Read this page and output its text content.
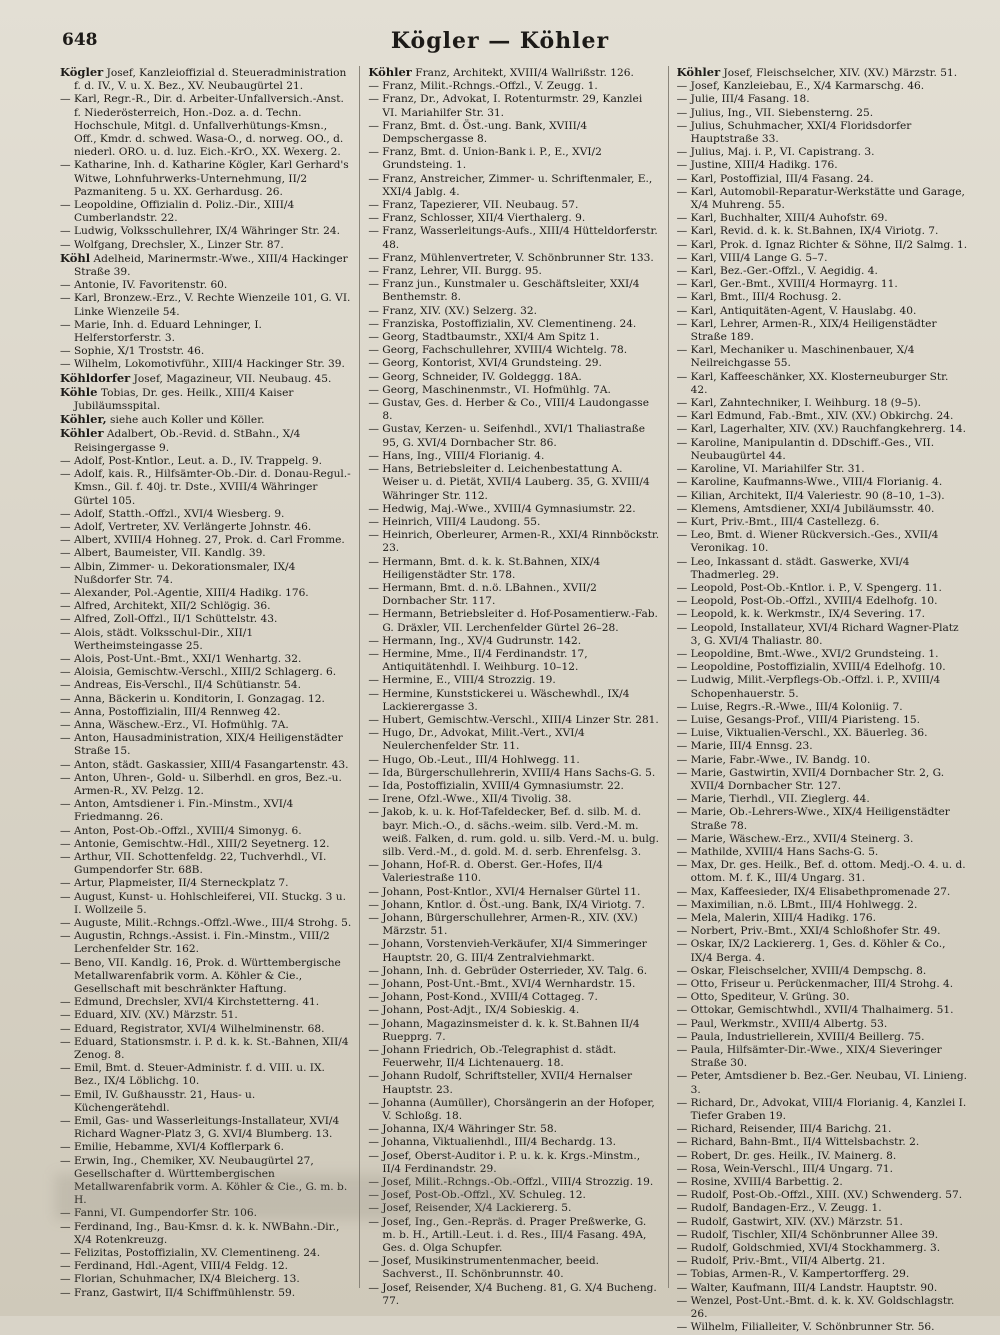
648	Kögler — Köhler

Kögler Josef, Kanzleioffizial d. Steueradministration f. d. IV., V. u. X. Bez., XV. Neubaugürtel 21.

— Karl, Regr.-R., Dir. d. Arbeiter-Unfallversich.-Anst. f. Niederösterreich, Hon.-Doz. a. d. Techn. Hochschule, Mitgl. d. Unfallverhütungs-Kmsn., Off., Kmdr. d. schwed. Wasa-O., d. norweg. OO., d. niederl. ORO. u. d. luz. Eich.-KrO., XX. Wexerg. 2.

— Katharine, Inh. d. Katharine Kögler, Karl Gerhard's Witwe, Lohnfuhrwerks-Unternehmung, II/2 Pazmaniteng. 5 u. XX. Gerhardusg. 26.

— Leopoldine, Offizialin d. Poliz.-Dir., XIII/4 Cumberlandstr. 22.

— Ludwig, Volksschullehrer, IX/4 Währinger Str. 24.

— Wolfgang, Drechsler, X., Linzer Str. 87.

Köhl Adelheid, Marinermstr.-Wwe., XIII/4 Hackinger Straße 39.

— Antonie, IV. Favoritenstr. 60.

— Karl, Bronzew.-Erz., V. Rechte Wienzeile 101, G. VI. Linke Wienzeile 54.

— Marie, Inh. d. Eduard Lehninger, I. Helferstorferstr. 3.

— Sophie, X/1 Troststr. 46.

— Wilhelm, Lokomotivführ., XIII/4 Hackinger Str. 39.

Köhldorfer Josef, Magazineur, VII. Neubaug. 45.

Köhle Tobias, Dr. ges. Heilk., XIII/4 Kaiser Jubiläumsspital.

Köhler, siehe auch Koller und Köller.

Köhler Adalbert, Ob.-Revid. d. StBahn., X/4 Reisingergasse 9.

— Adolf, Post-Kntlor., Leut. a. D., IV. Trappelg. 9.

— Adolf, kais. R., Hilfsämter-Ob.-Dir. d. Donau-Regul.-Kmsn., Gil. f. 40j. tr. Dste., XVIII/4 Währinger Gürtel 105.

— Adolf, Statth.-Offzl., XVI/4 Wiesberg. 9.

— Adolf, Vertreter, XV. Verlängerte Johnstr. 46.

— Albert, XVIII/4 Hohneg. 27, Prok. d. Carl Fromme.

— Albert, Baumeister, VII. Kandlg. 39.

— Albin, Zimmer- u. Dekorationsmaler, IX/4 Nußdorfer Str. 74.

— Alexander, Pol.-Agentie, XIII/4 Hadikg. 176.

— Alfred, Architekt, XII/2 Schlögig. 36.

— Alfred, Zoll-Offzl., II/1 Schüttelstr. 43.

— Alois, städt. Volksschul-Dir., XII/1 Wertheimsteingasse 25.

— Alois, Post-Unt.-Bmt., XXI/1 Wenhartg. 32.

— Aloisia, Gemischtw.-Verschl., XIII/2 Schlagerg. 6.

— Andreas, Eis-Verschl., II/4 Schütianstr. 54.

— Anna, Bäckerin u. Konditorin, I. Gonzagag. 12.

— Anna, Postoffizialin, III/4 Rennweg 42.

— Anna, Wäschew.-Erz., VI. Hofmühlg. 7A.

— Anton, Hausadministration, XIX/4 Heiligenstädter Straße 15.

— Anton, städt. Gaskassier, XIII/4 Fasangartenstr. 43.

— Anton, Uhren-, Gold- u. Silberhdl. en gros, Bez.-u. Armen-R., XV. Pelzg. 12.

— Anton, Amtsdiener i. Fin.-Minstm., XVI/4 Friedmanng. 26.

— Anton, Post-Ob.-Offzl., XVIII/4 Simonyg. 6.

— Antonie, Gemischtw.-Hdl., XIII/2 Seyetnerg. 12.

— Arthur, VII. Schottenfeldg. 22, Tuchverhdl., VI. Gumpendorfer Str. 68B.

— Artur, Plapmeister, II/4 Sterneckplatz 7.

— August, Kunst- u. Hohlschleiferei, VII. Stuckg. 3 u. I. Wollzeile 5.

— Auguste, Milit.-Rchngs.-Offzl.-Wwe., III/4 Strohg. 5.

— Augustin, Rchngs.-Assist. i. Fin.-Minstm., VIII/2 Lerchenfelder Str. 162.

— Beno, VII. Kandlg. 16, Prok. d. Württembergische Metallwarenfabrik vorm. A. Köhler & Cie., Gesellschaft mit beschränkter Haftung.

— Edmund, Drechsler, XVI/4 Kirchstetterng. 41.

— Eduard, XIV. (XV.) Märzstr. 51.

— Eduard, Registrator, XVI/4 Wilhelminenstr. 68.

— Eduard, Stationsmstr. i. P. d. k. k. St.-Bahnen, XII/4 Zenog. 8.

— Emil, Bmt. d. Steuer-Administr. f. d. VIII. u. IX. Bez., IX/4 Löblichg. 10.

— Emil, IV. Gußhausstr. 21, Haus- u. Küchengerätehdl.

— Emil, Gas- und Wasserleitungs-Installateur, XVI/4 Richard Wagner-Platz 3, G. XVI/4 Blumberg. 13.

— Emilie, Hebamme, XVI/4 Kofflerpark 6.

— Erwin, Ing., Chemiker, XV. Neubaugürtel 27, Gesellschafter d. Württembergischen Metallwarenfabrik vorm. A. Köhler & Cie., G. m. b. H.

— Fanni, VI. Gumpendorfer Str. 106.

— Ferdinand, Ing., Bau-Kmsr. d. k. k. NWBahn.-Dir., X/4 Rotenkreuzg.

— Felizitas, Postoffizialin, XV. Clementineng. 24.

— Ferdinand, Hdl.-Agent, VIII/4 Feldg. 12.

— Florian, Schuhmacher, IX/4 Bleicherg. 13.

— Franz, Gastwirt, II/4 Schiffmühlenstr. 59.

Köhler Franz, Architekt, XVIII/4 Wallrißstr. 126.

— Franz, Milit.-Rchngs.-Offzl., V. Zeugg. 1.

— Franz, Dr., Advokat, I. Rotenturmstr. 29, Kanzlei VI. Mariahilfer Str. 31.

— Franz, Bmt. d. Öst.-ung. Bank, XVIII/4 Dempschergasse 8.

— Franz, Bmt. d. Union-Bank i. P., E., XVI/2 Grundsteing. 1.

— Franz, Anstreicher, Zimmer- u. Schriftenmaler, E., XXI/4 Jablg. 4.

— Franz, Tapezierer, VII. Neubaug. 57.

— Franz, Schlosser, XII/4 Vierthalerg. 9.

— Franz, Wasserleitungs-Aufs., XIII/4 Hütteldorferstr. 48.

— Franz, Mühlenvertreter, V. Schönbrunner Str. 133.

— Franz, Lehrer, VII. Burgg. 95.

— Franz jun., Kunstmaler u. Geschäftsleiter, XXI/4 Benthemstr. 8.

— Franz, XIV. (XV.) Selzerg. 32.

— Franziska, Postoffizialin, XV. Clementineng. 24.

— Georg, Stadtbaumstr., XXI/4 Am Spitz 1.

— Georg, Fachschullehrer, XVIII/4 Wichtelg. 78.

— Georg, Kontorist, XVI/4 Grundsteing. 29.

— Georg, Schneider, IV. Goldeggg. 18A.

— Georg, Maschinenmstr., VI. Hofmühlg. 7A.

— Gustav, Ges. d. Herber & Co., VIII/4 Laudongasse 8.

— Gustav, Kerzen- u. Seifenhdl., XVI/1 Thaliastraße 95, G. XVI/4 Dornbacher Str. 86.

— Hans, Ing., VIII/4 Florianig. 4.

— Hans, Betriebsleiter d. Leichenbestattung A. Weiser u. d. Pietät, XVII/4 Lauberg. 35, G. XVIII/4 Währinger Str. 112.

— Hedwig, Maj.-Wwe., XVIII/4 Gymnasiumstr. 22.

— Heinrich, VIII/4 Laudong. 55.

— Heinrich, Oberleurer, Armen-R., XXI/4 Rinnböckstr. 23.

— Hermann, Bmt. d. k. k. St.Bahnen, XIX/4 Heiligenstädter Str. 178.

— Hermann, Bmt. d. n.ö. LBahnen., XVII/2 Dornbacher Str. 117.

— Hermann, Betriebsleiter d. Hof-Posamentierw.-Fab. G. Dräxler, VII. Lerchenfelder Gürtel 26–28.

— Hermann, Ing., XV/4 Gudrunstr. 142.

— Hermine, Mme., II/4 Ferdinandstr. 17, Antiquitätenhdl. I. Weihburg. 10–12.

— Hermine, E., VIII/4 Strozzig. 19.

— Hermine, Kunststickerei u. Wäschewhdl., IX/4 Lackierergasse 3.

— Hubert, Gemischtw.-Verschl., XIII/4 Linzer Str. 281.

— Hugo, Dr., Advokat, Milit.-Vert., XVI/4 Neulerchenfelder Str. 11.

— Hugo, Ob.-Leut., III/4 Hohlwegg. 11.

— Ida, Bürgerschullehrerin, XVIII/4 Hans Sachs-G. 5.

— Ida, Postoffizialin, XVIII/4 Gymnasiumstr. 22.

— Irene, Ofzl.-Wwe., XII/4 Tivolig. 38.

— Jakob, k. u. k. Hof-Tafeldecker, Bef. d. silb. M. d. bayr. Mich.-O., d. sächs.-weim. silb. Verd.-M. m. weiß. Falken, d. rum. gold. u. silb. Verd.-M. u. bulg. silb. Verd.-M., d. gold. M. d. serb. Ehrenfelsg. 3.

— Johann, Hof-R. d. Oberst. Ger.-Hofes, II/4 Valeriestraße 110.

— Johann, Post-Kntlor., XVI/4 Hernalser Gürtel 11.

— Johann, Kntlor. d. Öst.-ung. Bank, IX/4 Viriotg. 7.

— Johann, Bürgerschullehrer, Armen-R., XIV. (XV.) Märzstr. 51.

— Johann, Vorstenvieh-Verkäufer, XI/4 Simmeringer Hauptstr. 20, G. III/4 Zentralviehmarkt.

— Johann, Inh. d. Gebrüder Osterrieder, XV. Talg. 6.

— Johann, Post-Unt.-Bmt., XVI/4 Wernhardstr. 15.

— Johann, Post-Kond., XVIII/4 Cottageg. 7.

— Johann, Post-Adjt., IX/4 Sobieskig. 4.

— Johann, Magazinsmeister d. k. k. St.Bahnen II/4 Ruepprg. 7.

— Johann Friedrich, Ob.-Telegraphist d. städt. Feuerwehr, II/4 Lichtenauerg. 18.

— Johann Rudolf, Schriftsteller, XVII/4 Hernalser Hauptstr. 23.

— Johanna (Aumüller), Chorsängerin an der Hofoper, V. Schloßg. 18.

— Johanna, IX/4 Währinger Str. 58.

— Johanna, Viktualienhdl., III/4 Bechardg. 13.

— Josef, Oberst-Auditor i. P. u. k. k. Krgs.-Minstm., II/4 Ferdinandstr. 29.

— Josef, Milit.-Rchngs.-Ob.-Offzl., VIII/4 Strozzig. 19.

— Josef, Post-Ob.-Offzl., XV. Schuleg. 12.

— Josef, Reisender, X/4 Lackiererg. 5.

— Josef, Ing., Gen.-Repräs. d. Prager Preßwerke, G. m. b. H., Artill.-Leut. i. d. Res., III/4 Fasang. 49A, Ges. d. Olga Schupfer.

— Josef, Musikinstrumentenmacher, beeid. Sachverst., II. Schönbrunnstr. 40.

— Josef, Reisender, X/4 Bucheng. 81, G. X/4 Bucheng. 77.

Köhler Josef, Fleischselcher, XIV. (XV.) Märzstr. 51.

— Josef, Kanzleiebau, E., X/4 Karmarschg. 46.

— Julie, III/4 Fasang. 18.

— Julius, Ing., VII. Siebensterng. 25.

— Julius, Schuhmacher, XXI/4 Floridsdorfer Hauptstraße 33.

— Julius, Maj. i. P., VI. Capistrang. 3.

— Justine, XIII/4 Hadikg. 176.

— Karl, Postoffizial, III/4 Fasang. 24.

— Karl, Automobil-Reparatur-Werkstätte und Garage, X/4 Muhreng. 55.

— Karl, Buchhalter, XIII/4 Auhofstr. 69.

— Karl, Revid. d. k. k. St.Bahnen, IX/4 Viriotg. 7.

— Karl, Prok. d. Ignaz Richter & Söhne, II/2 Salmg. 1.

— Karl, VIII/4 Lange G. 5–7.

— Karl, Bez.-Ger.-Offzl., V. Aegidig. 4.

— Karl, Ger.-Bmt., XVIII/4 Hormayrg. 11.

— Karl, Bmt., III/4 Rochusg. 2.

— Karl, Antiquitäten-Agent, V. Hauslabg. 40.

— Karl, Lehrer, Armen-R., XIX/4 Heiligenstädter Straße 189.

— Karl, Mechaniker u. Maschinenbauer, X/4 Neilreichgasse 55.

— Karl, Kaffeeschänker, XX. Klosterneuburger Str. 42.

— Karl, Zahntechniker, I. Weihburg. 18 (9–5).

— Karl Edmund, Fab.-Bmt., XIV. (XV.) Obkirchg. 24.

— Karl, Lagerhalter, XIV. (XV.) Rauchfangkehrerg. 14.

— Karoline, Manipulantin d. DDschiff.-Ges., VII. Neubaugürtel 44.

— Karoline, VI. Mariahilfer Str. 31.

— Karoline, Kaufmanns-Wwe., VIII/4 Florianig. 4.

— Kilian, Architekt, II/4 Valeriestr. 90 (8–10, 1–3).

— Klemens, Amtsdiener, XXI/4 Jubiläumsstr. 40.

— Kurt, Priv.-Bmt., III/4 Castellezg. 6.

— Leo, Bmt. d. Wiener Rückversich.-Ges., XVII/4 Veronikag. 10.

— Leo, Inkassant d. städt. Gaswerke, XVI/4 Thadmerleg. 29.

— Leopold, Post-Ob.-Kntlor. i. P., V. Spengerg. 11.

— Leopold, Post-Ob.-Offzl., XVIII/4 Edelhofg. 10.

— Leopold, k. k. Werkmstr., IX/4 Severing. 17.

— Leopold, Installateur, XVI/4 Richard Wagner-Platz 3, G. XVI/4 Thaliastr. 80.

— Leopoldine, Bmt.-Wwe., XVI/2 Grundsteing. 1.

— Leopoldine, Postoffizialin, XVIII/4 Edelhofg. 10.

— Ludwig, Milit.-Verpflegs-Ob.-Offzl. i. P., XVIII/4 Schopenhauerstr. 5.

— Luise, Regrs.-R.-Wwe., III/4 Koloniig. 7.

— Luise, Gesangs-Prof., VIII/4 Piaristeng. 15.

— Luise, Viktualien-Verschl., XX. Bäuerleg. 36.

— Marie, III/4 Ennsg. 23.

— Marie, Fabr.-Wwe., IV. Bandg. 10.

— Marie, Gastwirtin, XVII/4 Dornbacher Str. 2, G. XVII/4 Dornbacher Str. 127.

— Marie, Tierhdl., VII. Zieglerg. 44.

— Marie, Ob.-Lehrers-Wwe., XIX/4 Heiligenstädter Straße 78.

— Marie, Wäschew.-Erz., XVII/4 Steinerg. 3.

— Mathilde, XVIII/4 Hans Sachs-G. 5.

— Max, Dr. ges. Heilk., Bef. d. ottom. Medj.-O. 4. u. d. ottom. M. f. K., III/4 Ungarg. 31.

— Max, Kaffeesieder, IX/4 Elisabethpromenade 27.

— Maximilian, n.ö. LBmt., III/4 Hohlwegg. 2.

— Mela, Malerin, XIII/4 Hadikg. 176.

— Norbert, Priv.-Bmt., XXI/4 Schloßhofer Str. 49.

— Oskar, IX/2 Lackiererg. 1, Ges. d. Köhler & Co., IX/4 Berga. 4.

— Oskar, Fleischselcher, XVIII/4 Dempschg. 8.

— Otto, Friseur u. Perückenmacher, III/4 Strohg. 4.

— Otto, Spediteur, V. Grüng. 30.

— Ottokar, Gemischtwhdl., XVII/4 Thalhaimerg. 51.

— Paul, Werkmstr., XVIII/4 Albertg. 53.

— Paula, Industriellerein, XVIII/4 Beillerg. 75.

— Paula, Hilfsämter-Dir.-Wwe., XIX/4 Sieveringer Straße 30.

— Peter, Amtsdiener b. Bez.-Ger. Neubau, VI. Linieng. 3.

— Richard, Dr., Advokat, VIII/4 Florianig. 4, Kanzlei I. Tiefer Graben 19.

— Richard, Reisender, III/4 Barichg. 21.

— Richard, Bahn-Bmt., II/4 Wittelsbachstr. 2.

— Robert, Dr. ges. Heilk., IV. Mainerg. 8.

— Rosa, Wein-Verschl., III/4 Ungarg. 71.

— Rosine, XVIII/4 Barbettig. 2.

— Rudolf, Post-Ob.-Offzl., XIII. (XV.) Schwenderg. 57.

— Rudolf, Bandagen-Erz., V. Zeugg. 1.

— Rudolf, Gastwirt, XIV. (XV.) Märzstr. 51.

— Rudolf, Tischler, XII/4 Schönbrunner Allee 39.

— Rudolf, Goldschmied, XVI/4 Stockhammerg. 3.

— Rudolf, Priv.-Bmt., VII/4 Albertg. 21.

— Tobias, Armen-R., V. Kampertorfferg. 29.

— Walter, Kaufmann, III/4 Landstr. Hauptstr. 90.

— Wenzel, Post-Unt.-Bmt. d. k. k. XV. Goldschlagstr. 26.

— Wilhelm, Filialleiter, V. Schönbrunner Str. 56.
